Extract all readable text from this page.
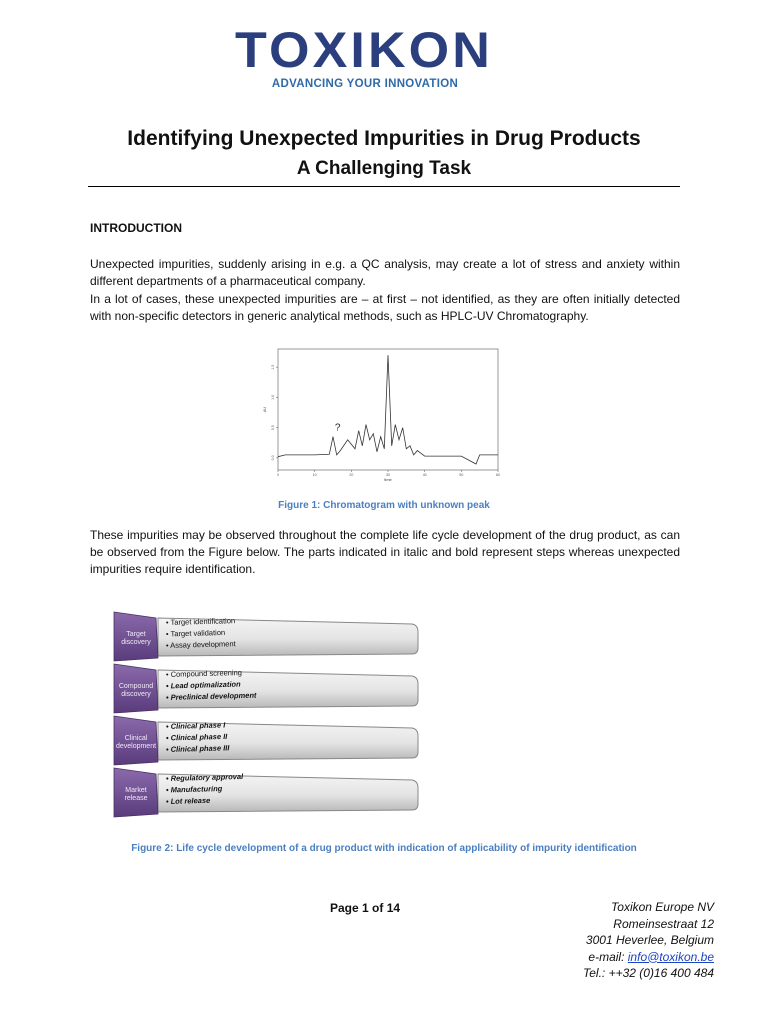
TOXIKON
ADVANCING YOUR INNOVATION
Identifying Unexpected Impurities in Drug Products
A Challenging Task
INTRODUCTION
Unexpected impurities, suddenly arising in e.g. a QC analysis, may create a lot of stress and anxiety within different departments of a pharmaceutical company.
In a lot of cases, these unexpected impurities are – at first – not identified, as they are often initially detected with non-specific detectors in generic analytical methods, such as HPLC-UV Chromatography.
0	10	20	30	40	50	60
0.0
0.5
1.0
1.5
?
AU
time
Figure 1: Chromatogram with unknown peak
These impurities may be observed throughout the complete life cycle development of the drug product, as can be observed from the Figure below. The parts indicated in italic and bold represent steps whereas unexpected impurities require identification.
Target discovery
• Target identification
• Target validation
• Assay development
Compound discovery
• Compound screening
• Lead optimalization
• Preclinical development
Clinical development
• Clinical phase I
• Clinical phase II
• Clinical phase III
Market release
• Regulatory approval
• Manufacturing
• Lot release
Figure 2: Life cycle development of a drug product with indication of applicability of impurity identification
Page 1 of 14	Toxikon Europe NV
Romeinsestraat 12
3001 Heverlee, Belgium
e-mail: info@toxikon.be
Tel.: ++32 (0)16 400 484
